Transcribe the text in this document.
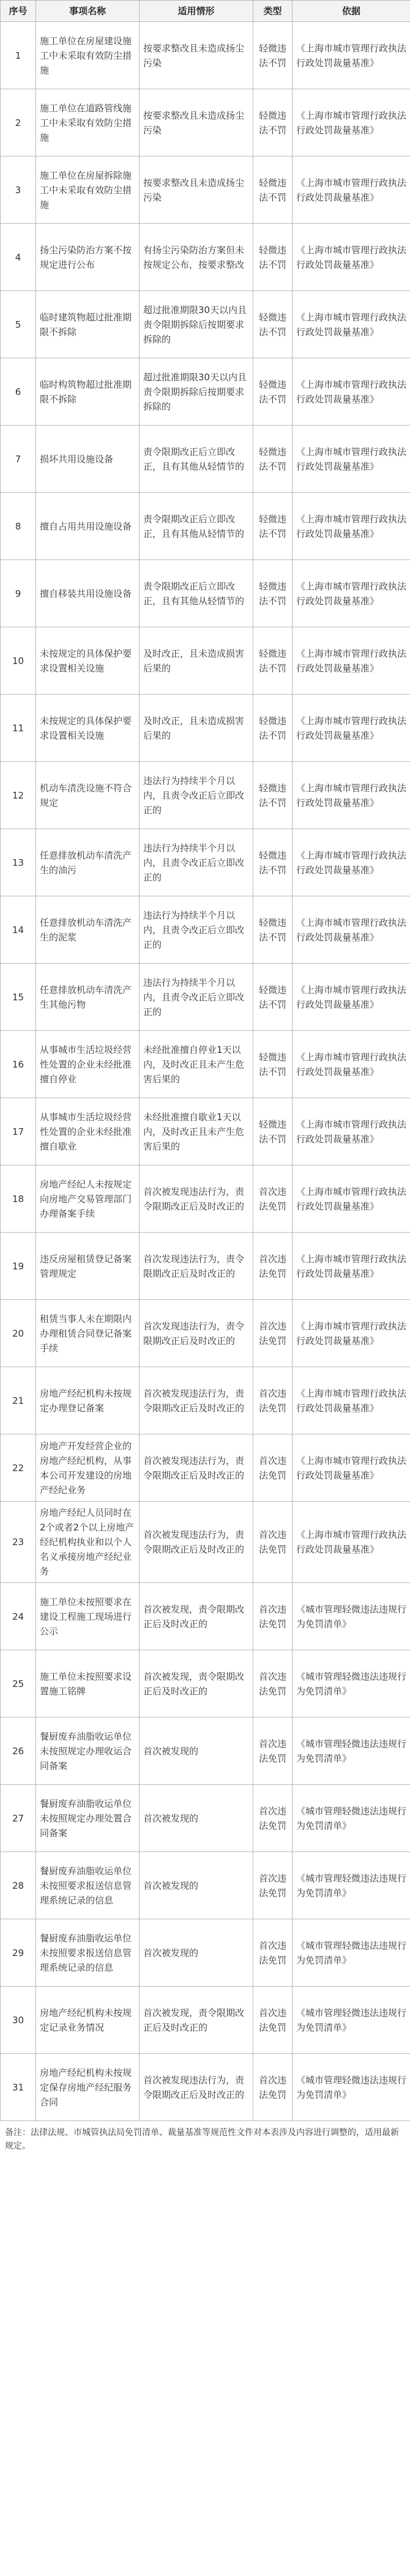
序号	事项名称	适用情形	类型	依据
1	施工单位在房屋建设施工中未采取有效防尘措施	按要求整改且未造成扬尘污染	轻微违法不罚	《上海市城市管理行政执法行政处罚裁量基准》
2	施工单位在道路管线施工中未采取有效防尘措施	按要求整改且未造成扬尘污染	轻微违法不罚	《上海市城市管理行政执法行政处罚裁量基准》
3	施工单位在房屋拆除施工中未采取有效防尘措施	按要求整改且未造成扬尘污染	轻微违法不罚	《上海市城市管理行政执法行政处罚裁量基准》
4	扬尘污染防治方案不按规定进行公布	有扬尘污染防治方案但未按规定公布，按要求整改	轻微违法不罚	《上海市城市管理行政执法行政处罚裁量基准》
5	临时建筑物超过批准期限不拆除	超过批准期限30天以内且责令限期拆除后按期要求拆除的	轻微违法不罚	《上海市城市管理行政执法行政处罚裁量基准》
6	临时构筑物超过批准期限不拆除	超过批准期限30天以内且责令限期拆除后按期要求拆除的	轻微违法不罚	《上海市城市管理行政执法行政处罚裁量基准》
7	损坏共用设施设备	责令限期改正后立即改正，且有其他从轻情节的	轻微违法不罚	《上海市城市管理行政执法行政处罚裁量基准》
8	擅自占用共用设施设备	责令限期改正后立即改正，且有其他从轻情节的	轻微违法不罚	《上海市城市管理行政执法行政处罚裁量基准》
9	擅自移装共用设施设备	责令限期改正后立即改正，且有其他从轻情节的	轻微违法不罚	《上海市城市管理行政执法行政处罚裁量基准》
10	未按规定的具体保护要求设置相关设施	及时改正，且未造成损害后果的	轻微违法不罚	《上海市城市管理行政执法行政处罚裁量基准》
11	未按规定的具体保护要求设置相关设施	及时改正，且未造成损害后果的	轻微违法不罚	《上海市城市管理行政执法行政处罚裁量基准》
12	机动车清洗设施不符合规定	违法行为持续半个月以内，且责令改正后立即改正的	轻微违法不罚	《上海市城市管理行政执法行政处罚裁量基准》
13	任意排放机动车清洗产生的油污	违法行为持续半个月以内，且责令改正后立即改正的	轻微违法不罚	《上海市城市管理行政执法行政处罚裁量基准》
14	任意排放机动车清洗产生的泥浆	违法行为持续半个月以内，且责令改正后立即改正的	轻微违法不罚	《上海市城市管理行政执法行政处罚裁量基准》
15	任意排放机动车清洗产生其他污物	违法行为持续半个月以内，且责令改正后立即改正的	轻微违法不罚	《上海市城市管理行政执法行政处罚裁量基准》
16	从事城市生活垃圾经营性处置的企业未经批准擅自停业	未经批准擅自停业1天以内，及时改正且未产生危害后果的	轻微违法不罚	《上海市城市管理行政执法行政处罚裁量基准》
17	从事城市生活垃圾经营性处置的企业未经批准擅自歇业	未经批准擅自歇业1天以内，及时改正且未产生危害后果的	轻微违法不罚	《上海市城市管理行政执法行政处罚裁量基准》
18	房地产经纪人未按规定向房地产交易管理部门办理备案手续	首次被发现违法行为，责令限期改正后及时改正的	首次违法免罚	《上海市城市管理行政执法行政处罚裁量基准》
19	违反房屋租赁登记备案管理规定	首次发现违法行为，责令限期改正后及时改正的	首次违法免罚	《上海市城市管理行政执法行政处罚裁量基准》
20	租赁当事人未在期限内办理租赁合同登记备案手续	首次发现违法行为，责令限期改正后及时改正的	首次违法免罚	《上海市城市管理行政执法行政处罚裁量基准》
21	房地产经纪机构未按规定办理登记备案	首次被发现违法行为，责令限期改正后及时改正的	首次违法免罚	《上海市城市管理行政执法行政处罚裁量基准》
22	房地产开发经营企业的房地产经纪机构，从事本公司开发建设的房地产经纪业务	首次被发现违法行为，责令限期改正后及时改正的	首次违法免罚	《上海市城市管理行政执法行政处罚裁量基准》
23	房地产经纪人员同时在2个或者2个以上房地产经纪机构执业和以个人名义承接房地产经纪业务	首次被发现违法行为，责令限期改正后及时改正的	首次违法免罚	《上海市城市管理行政执法行政处罚裁量基准》
24	施工单位未按照要求在建设工程施工现场进行公示	首次被发现，责令限期改正后及时改正的	首次违法免罚	《城市管理轻微违法违规行为免罚清单》
25	施工单位未按照要求设置施工铭牌	首次被发现，责令限期改正后及时改正的	首次违法免罚	《城市管理轻微违法违规行为免罚清单》
26	餐厨废弃油脂收运单位未按照规定办理收运合同备案	首次被发现的	首次违法免罚	《城市管理轻微违法违规行为免罚清单》
27	餐厨废弃油脂收运单位未按照规定办理处置合同备案	首次被发现的	首次违法免罚	《城市管理轻微违法违规行为免罚清单》
28	餐厨废弃油脂收运单位未按照要求报送信息管理系统记录的信息	首次被发现的	首次违法免罚	《城市管理轻微违法违规行为免罚清单》
29	餐厨废弃油脂收运单位未按照要求报送信息管理系统记录的信息	首次被发现的	首次违法免罚	《城市管理轻微违法违规行为免罚清单》
30	房地产经纪机构未按规定记录业务情况	首次被发现，责令限期改正后及时改正的	首次违法免罚	《城市管理轻微违法违规行为免罚清单》
31	房地产经纪机构未按规定保存房地产经纪服务合同	首次被发现违法行为，责令限期改正后及时改正的	首次违法免罚	《城市管理轻微违法违规行为免罚清单》
备注：法律法规、市城管执法局免罚清单、裁量基准等规范性文件对本表涉及内容进行调整的，适用最新规定。
